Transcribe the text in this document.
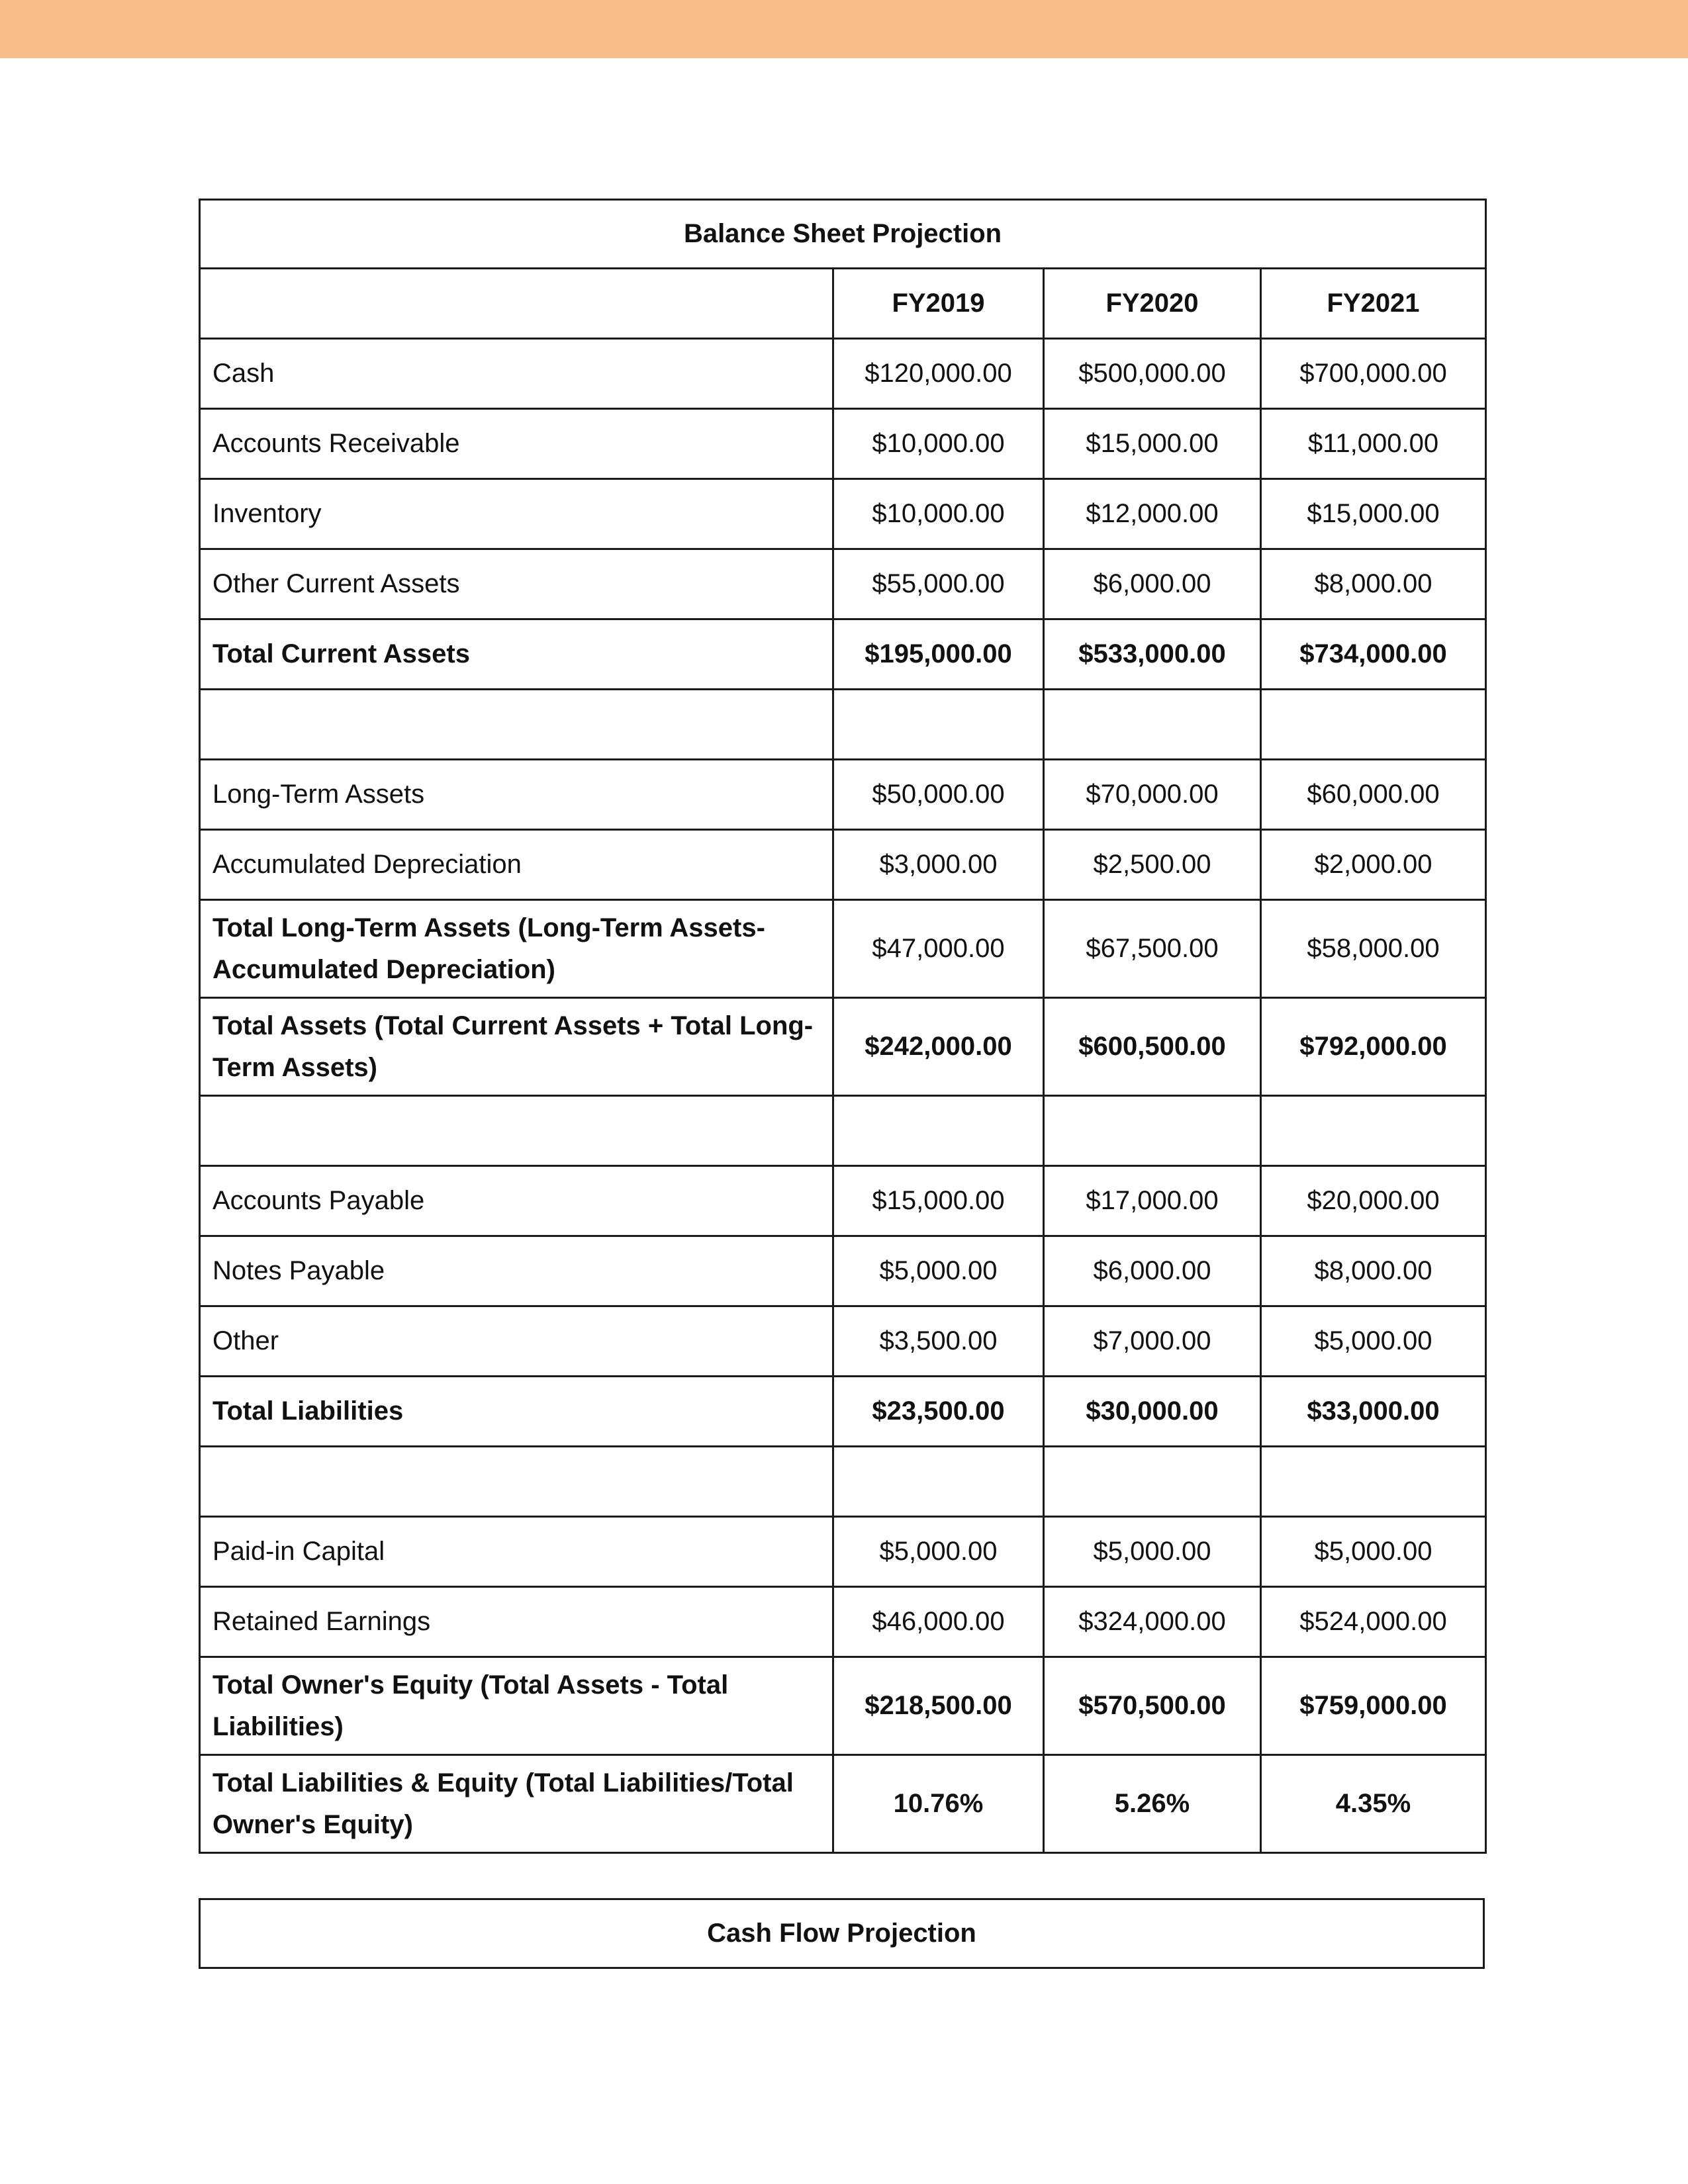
Balance Sheet Projection			
	FY2019	FY2020	FY2021
Cash	$120,000.00	$500,000.00	$700,000.00
Accounts Receivable	$10,000.00	$15,000.00	$11,000.00
Inventory	$10,000.00	$12,000.00	$15,000.00
Other Current Assets	$55,000.00	$6,000.00	$8,000.00
Total Current Assets	$195,000.00	$533,000.00	$734,000.00

Long-Term Assets	$50,000.00	$70,000.00	$60,000.00
Accumulated Depreciation	$3,000.00	$2,500.00	$2,000.00
Total Long-Term Assets (Long-Term Assets-Accumulated Depreciation)	$47,000.00	$67,500.00	$58,000.00
Total Assets (Total Current Assets + Total Long-Term Assets)	$242,000.00	$600,500.00	$792,000.00

Accounts Payable	$15,000.00	$17,000.00	$20,000.00
Notes Payable	$5,000.00	$6,000.00	$8,000.00
Other	$3,500.00	$7,000.00	$5,000.00
Total Liabilities	$23,500.00	$30,000.00	$33,000.00

Paid-in Capital	$5,000.00	$5,000.00	$5,000.00
Retained Earnings	$46,000.00	$324,000.00	$524,000.00
Total Owner's Equity (Total Assets - Total Liabilities)	$218,500.00	$570,500.00	$759,000.00
Total Liabilities & Equity (Total Liabilities/Total Owner's Equity)	10.76%	5.26%	4.35%
Cash Flow Projection
